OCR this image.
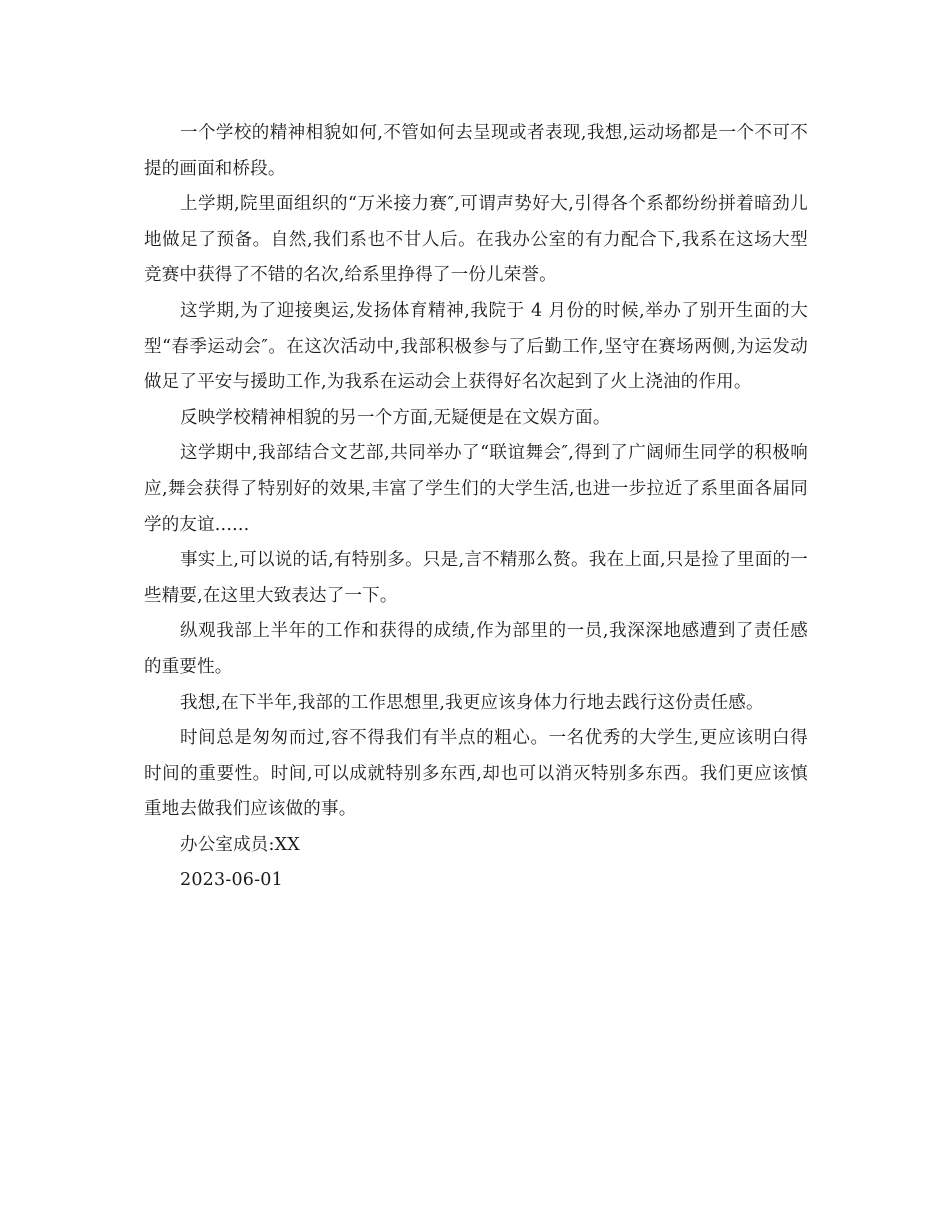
一个学校的精神相貌如何,不管如何去呈现或者表现,我想,运动场都是一个不可不提的画面和桥段。

上学期,院里面组织的“万米接力赛″,可谓声势好大,引得各个系都纷纷拼着暗劲儿地做足了预备。自然,我们系也不甘人后。在我办公室的有力配合下,我系在这场大型竞赛中获得了不错的名次,给系里挣得了一份儿荣誉。

这学期,为了迎接奥运,发扬体育精神,我院于 4 月份的时候,举办了别开生面的大型“春季运动会″。在这次活动中,我部积极参与了后勤工作,坚守在赛场两侧,为运发动做足了平安与援助工作,为我系在运动会上获得好名次起到了火上浇油的作用。

反映学校精神相貌的另一个方面,无疑便是在文娱方面。

这学期中,我部结合文艺部,共同举办了“联谊舞会″,得到了广阔师生同学的积极响应,舞会获得了特别好的效果,丰富了学生们的大学生活,也进一步拉近了系里面各届同学的友谊......

事实上,可以说的话,有特别多。只是,言不精那么赘。我在上面,只是捡了里面的一些精要,在这里大致表达了一下。

纵观我部上半年的工作和获得的成绩,作为部里的一员,我深深地感遭到了责任感的重要性。

我想,在下半年,我部的工作思想里,我更应该身体力行地去践行这份责任感。

时间总是匆匆而过,容不得我们有半点的粗心。一名优秀的大学生,更应该明白得时间的重要性。时间,可以成就特别多东西,却也可以消灭特别多东西。我们更应该慎重地去做我们应该做的事。

办公室成员:XX

2023-06-01
